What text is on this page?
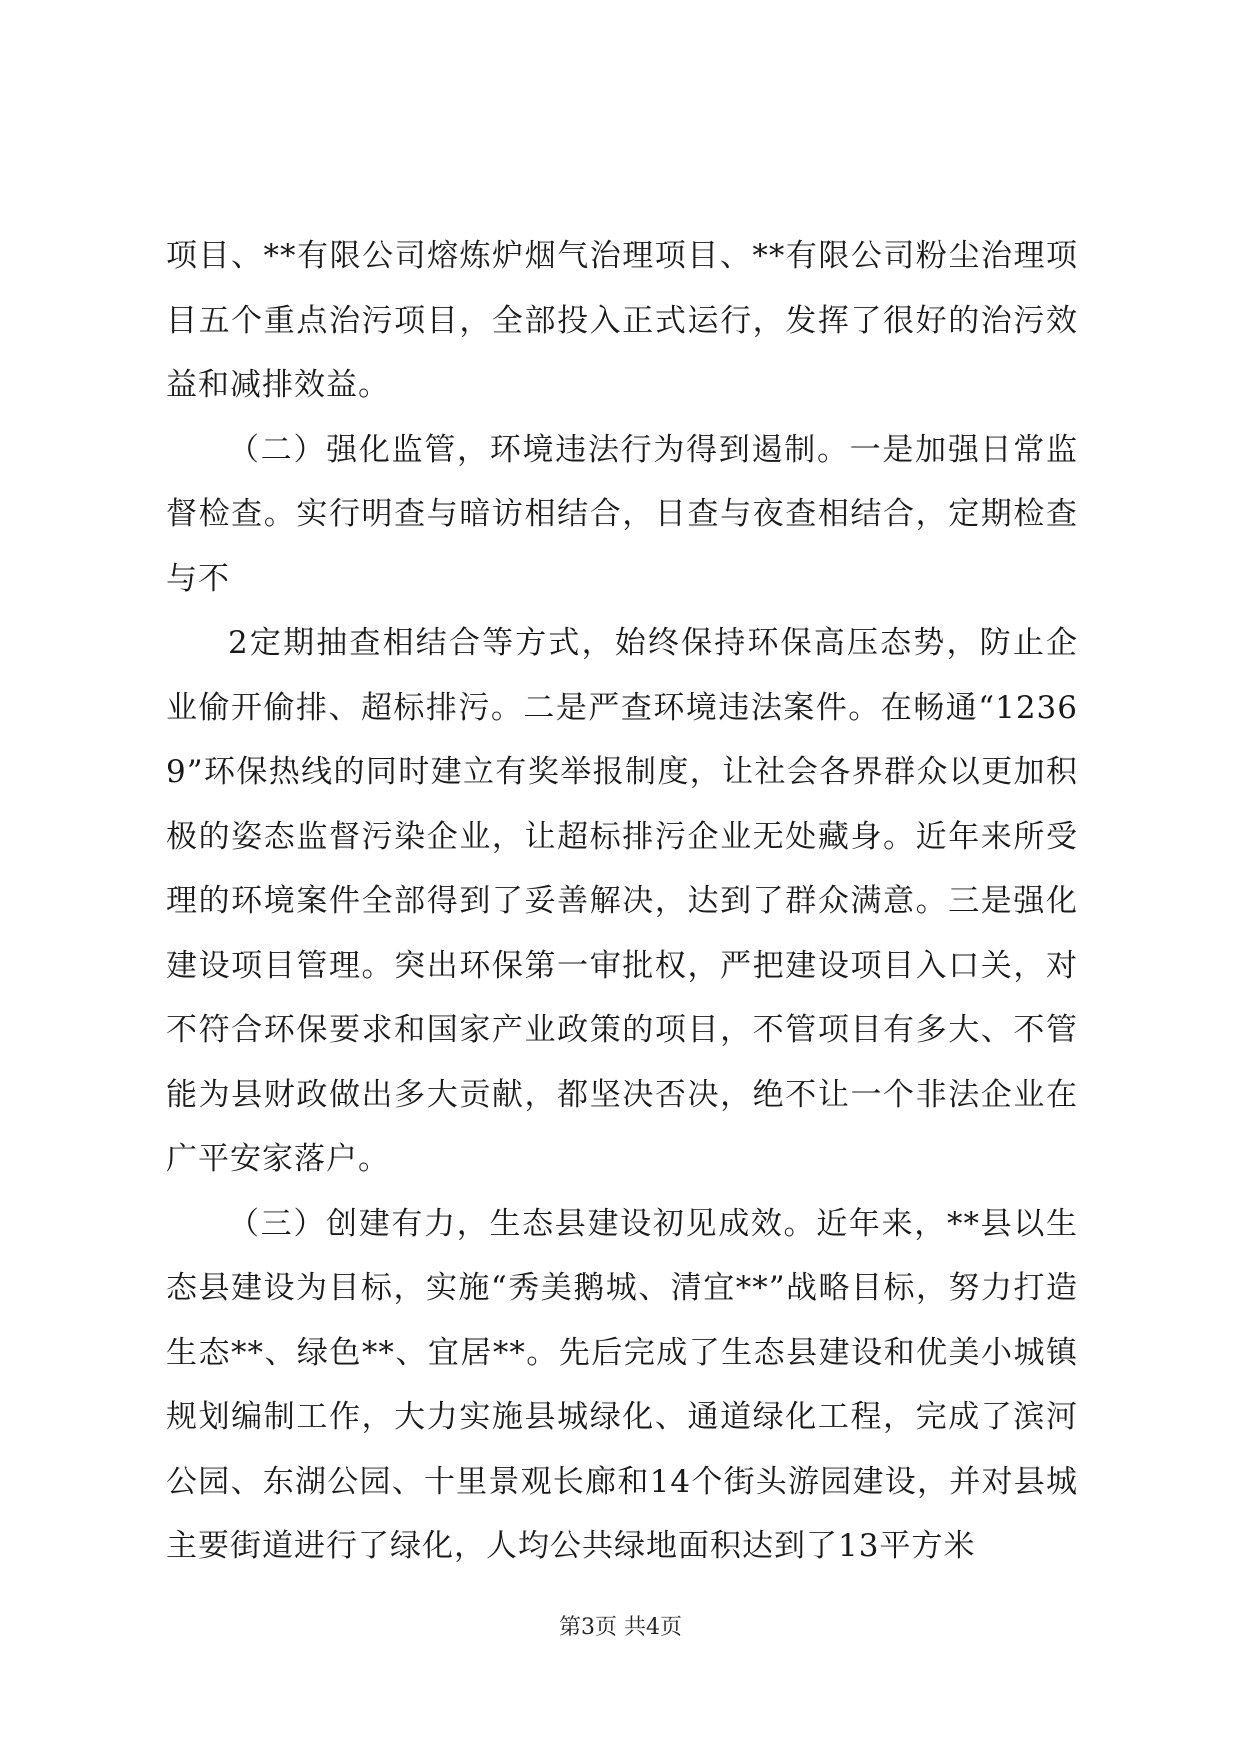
项目、**有限公司熔炼炉烟气治理项目、**有限公司粉尘治理项目五个重点治污项目，全部投入正式运行，发挥了很好的治污效益和减排效益。

（二）强化监管，环境违法行为得到遏制。一是加强日常监督检查。实行明查与暗访相结合，日查与夜查相结合，定期检查与不

2定期抽查相结合等方式，始终保持环保高压态势，防止企业偷开偷排、超标排污。二是严查环境违法案件。在畅通“12369”环保热线的同时建立有奖举报制度，让社会各界群众以更加积极的姿态监督污染企业，让超标排污企业无处藏身。近年来所受理的环境案件全部得到了妥善解决，达到了群众满意。三是强化建设项目管理。突出环保第一审批权，严把建设项目入口关，对不符合环保要求和国家产业政策的项目，不管项目有多大、不管能为县财政做出多大贡献，都坚决否决，绝不让一个非法企业在广平安家落户。

（三）创建有力，生态县建设初见成效。近年来，**县以生态县建设为目标，实施“秀美鹅城、清宜**”战略目标，努力打造生态**、绿色**、宜居**。先后完成了生态县建设和优美小城镇规划编制工作，大力实施县城绿化、通道绿化工程，完成了滨河公园、东湖公园、十里景观长廊和14个街头游园建设，并对县城主要街道进行了绿化，人均公共绿地面积达到了13平方米

第3页 共4页
